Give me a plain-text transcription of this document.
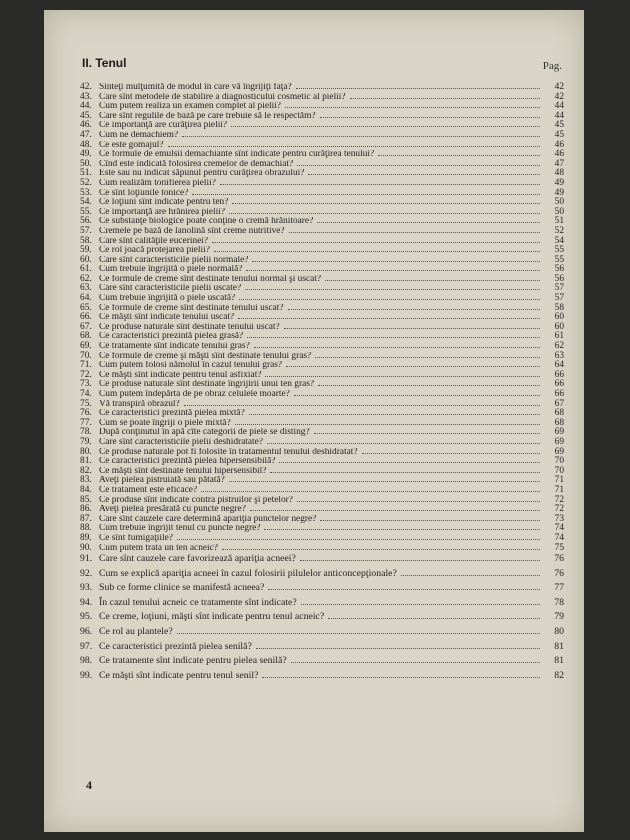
II. Tenul	Pag.
42. Sinteţi mulţumită de modul în care vă îngrijiţi faţa?	42
43. Care sînt metodele de stabilire a diagnosticului cosmetic al pielii?	42
44. Cum putem realiza un examen complet al pielii?	44
45. Care sînt regulile de bază pe care trebuie să le respectăm?	44
46. Ce importanţă are curăţirea pielii?	45
47. Cum ne demachiem?	45
48. Ce este gomajul?	46
49. Ce formule de emulsii demachiante sînt indicate pentru curăţirea tenului?	46
50. Cînd este indicată folosirea cremelor de demachiat?	47
51. Este sau nu indicat săpunul pentru curăţirea obrazului?	48
52. Cum realizăm tonifierea pielii?	49
53. Ce sînt loţiunile tonice?	49
54. Ce loţiuni sînt indicate pentru ten?	50
55. Ce importanţă are hrănirea pielii?	50
56. Ce substanţe biologice poate conţine o cremă hrănitoare?	51
57. Cremele pe bază de lanolină sînt creme nutritive?	52
58. Care sînt calităţile eucerinei?	54
59. Ce rol joacă protejarea pielii?	55
60. Care sînt caracteristicile pielii normale?	55
61. Cum trebuie îngrijită o piele normală?	56
62. Ce formule de creme sînt destinate tenului normal şi uscat?	56
63. Care sînt caracteristicile pielii uscate?	57
64. Cum trebuie îngrijită o piele uscată?	57
65. Ce formule de creme sînt destinate tenului uscat?	58
66. Ce măşti sînt indicate tenului uscat?	60
67. Ce produse naturale sînt destinate tenului uscat?	60
68. Ce caracteristici prezintă pielea grasă?	61
69. Ce tratamente sînt indicate tenului gras?	62
70. Ce formule de creme şi măşti sînt destinate tenului gras?	63
71. Cum putem folosi nămolul în cazul tenului gras?	64
72. Ce măşti sînt indicate pentru tenul asfixiat?	66
73. Ce produse naturale sînt destinate îngrijirii unui ten gras?	66
74. Cum putem îndepărta de pe obraz celulele moarte?	66
75. Vă transpiră obrazul?	67
76. Ce caracteristici prezintă pielea mixtă?	68
77. Cum se poate îngriji o piele mixtă?	68
78. După conţinutul în apă cîte categorii de piele se disting?	69
79. Care sînt caracteristicile pielii deshidratate?	69
80. Ce produse naturale pot fi folosite în tratamentul tenului deshidratat?	69
81. Ce caracteristici prezintă pielea hipersensibilă?	70
82. Ce măşti sînt destinate tenului hipersensibil?	70
83. Aveţi pielea pistruiată sau pătată?	71
84. Ce tratament este eficace?	71
85. Ce produse sînt indicate contra pistruilor şi petelor?	72
86. Aveţi pielea presărată cu puncte negre?	72
87. Care sînt cauzele care determină apariţia punctelor negre?	73
88. Cum trebuie îngrijit tenul cu puncte negre?	74
89. Ce sînt fumigaţiile?	74
90. Cum putem trata un ten acneic?	75
91. Care sînt cauzele care favorizează apariţia acneei?	76
92. Cum se explică apariţia acneei în cazul folosirii pilulelor anticoncepţionale?	76
93. Sub ce forme clinice se manifestă acneea?	77
94. În cazul tenului acneic ce tratamente sînt indicate?	78
95. Ce creme, loţiuni, măşti sînt indicate pentru tenul acneic?	79
96. Ce rol au plantele?	80
97. Ce caracteristici prezintă pielea senilă?	81
98. Ce tratamente sînt indicate pentru pielea senilă?	81
99. Ce măşti sînt indicate pentru tenul senil?	82
4
